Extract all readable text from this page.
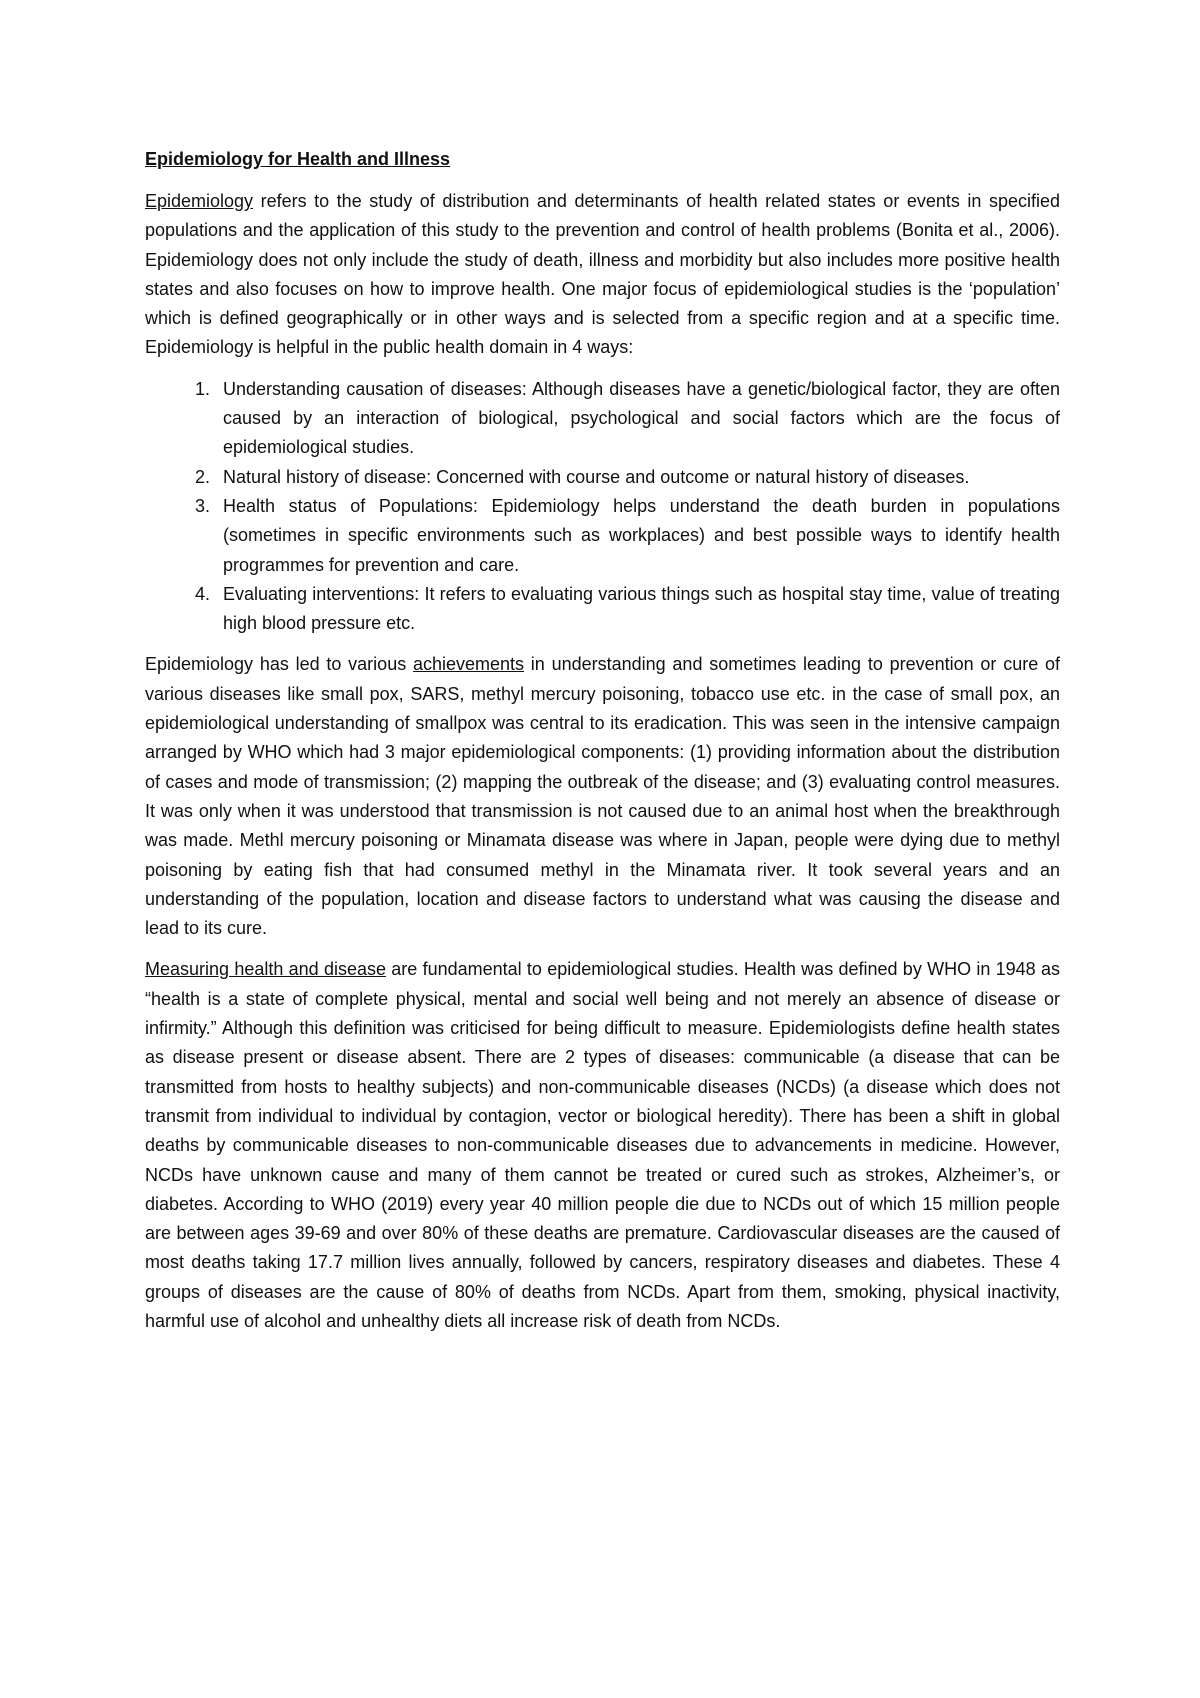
Epidemiology for Health and Illness

Epidemiology refers to the study of distribution and determinants of health related states or events in specified populations and the application of this study to the prevention and control of health problems (Bonita et al., 2006). Epidemiology does not only include the study of death, illness and morbidity but also includes more positive health states and also focuses on how to improve health. One major focus of epidemiological studies is the ‘population’ which is defined geographically or in other ways and is selected from a specific region and at a specific time. Epidemiology is helpful in the public health domain in 4 ways:

1. Understanding causation of diseases: Although diseases have a genetic/biological factor, they are often caused by an interaction of biological, psychological and social factors which are the focus of epidemiological studies.
2. Natural history of disease: Concerned with course and outcome or natural history of diseases.
3. Health status of Populations: Epidemiology helps understand the death burden in populations (sometimes in specific environments such as workplaces) and best possible ways to identify health programmes for prevention and care.
4. Evaluating interventions: It refers to evaluating various things such as hospital stay time, value of treating high blood pressure etc.

Epidemiology has led to various achievements in understanding and sometimes leading to prevention or cure of various diseases like small pox, SARS, methyl mercury poisoning, tobacco use etc. in the case of small pox, an epidemiological understanding of smallpox was central to its eradication. This was seen in the intensive campaign arranged by WHO which had 3 major epidemiological components: (1) providing information about the distribution of cases and mode of transmission; (2) mapping the outbreak of the disease; and (3) evaluating control measures. It was only when it was understood that transmission is not caused due to an animal host when the breakthrough was made. Methl mercury poisoning or Minamata disease was where in Japan, people were dying due to methyl poisoning by eating fish that had consumed methyl in the Minamata river. It took several years and an understanding of the population, location and disease factors to understand what was causing the disease and lead to its cure.

Measuring health and disease are fundamental to epidemiological studies. Health was defined by WHO in 1948 as “health is a state of complete physical, mental and social well being and not merely an absence of disease or infirmity.” Although this definition was criticised for being difficult to measure. Epidemiologists define health states as disease present or disease absent. There are 2 types of diseases: communicable (a disease that can be transmitted from hosts to healthy subjects) and non-communicable diseases (NCDs) (a disease which does not transmit from individual to individual by contagion, vector or biological heredity). There has been a shift in global deaths by communicable diseases to non-communicable diseases due to advancements in medicine. However, NCDs have unknown cause and many of them cannot be treated or cured such as strokes, Alzheimer’s, or diabetes. According to WHO (2019) every year 40 million people die due to NCDs out of which 15 million people are between ages 39-69 and over 80% of these deaths are premature. Cardiovascular diseases are the caused of most deaths taking 17.7 million lives annually, followed by cancers, respiratory diseases and diabetes. These 4 groups of diseases are the cause of 80% of deaths from NCDs. Apart from them, smoking, physical inactivity, harmful use of alcohol and unhealthy diets all increase risk of death from NCDs.
